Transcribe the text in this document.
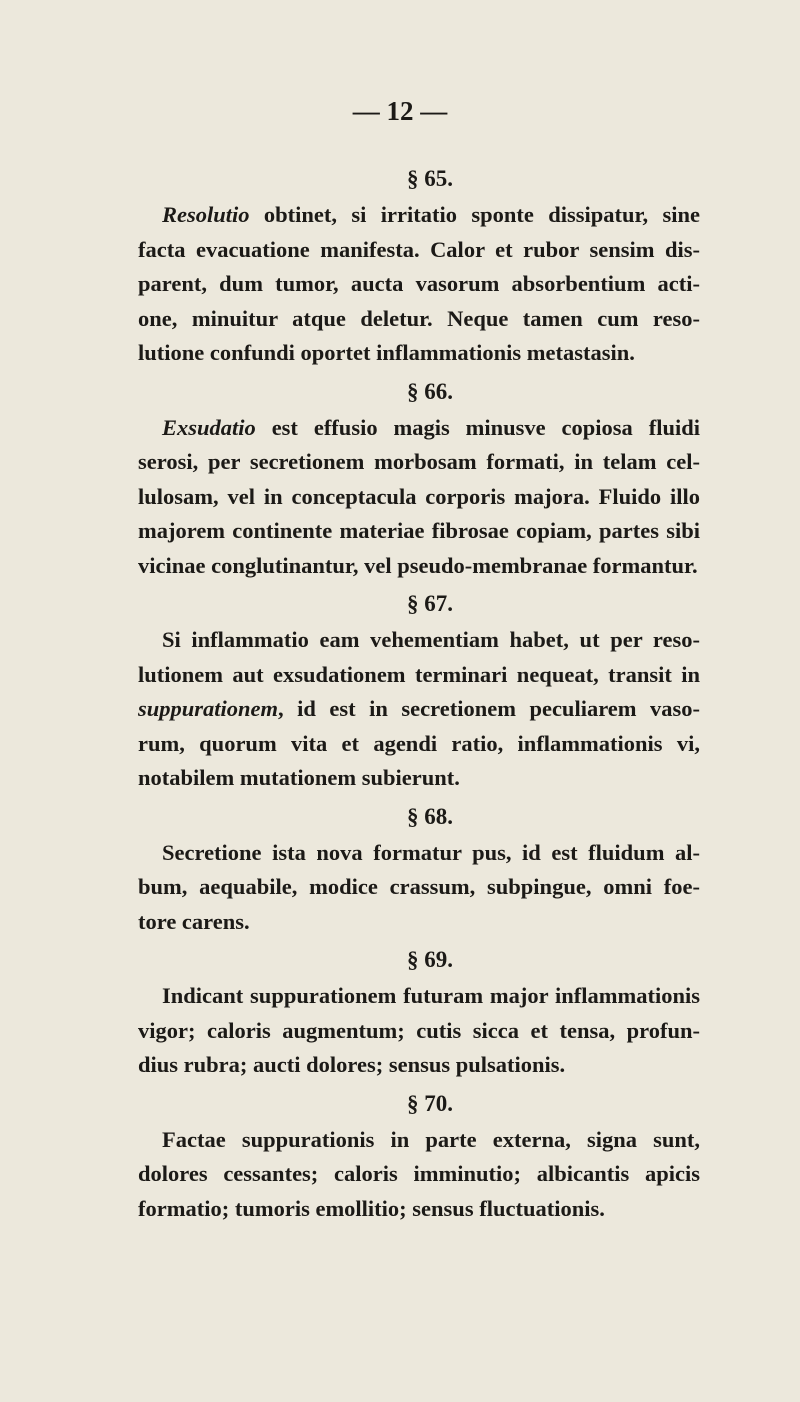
— 12 —
§ 65.
Resolutio obtinet, si irritatio sponte dissipatur, sine
facta evacuatione manifesta. Calor et rubor sensim dis-
parent, dum tumor, aucta vasorum absorbentium acti-
one, minuitur atque deletur. Neque tamen cum reso-
lutione confundi oportet inflammationis metastasin.
§ 66.
Exsudatio est effusio magis minusve copiosa fluidi
serosi, per secretionem morbosam formati, in telam cel-
lulosam, vel in conceptacula corporis majora. Fluido illo
majorem continente materiae fibrosae copiam, partes sibi
vicinae conglutinantur, vel pseudo-membranae formantur.
§ 67.
Si inflammatio eam vehementiam habet, ut per reso-
lutionem aut exsudationem terminari nequeat, transit in
suppurationem, id est in secretionem peculiarem vaso-
rum, quorum vita et agendi ratio, inflammationis vi,
notabilem mutationem subierunt.
§ 68.
Secretione ista nova formatur pus, id est fluidum al-
bum, aequabile, modice crassum, subpingue, omni foe-
tore carens.
§ 69.
Indicant suppurationem futuram major inflammationis
vigor; caloris augmentum; cutis sicca et tensa, profun-
dius rubra; aucti dolores; sensus pulsationis.
§ 70.
Factae suppurationis in parte externa, signa sunt,
dolores cessantes; caloris imminutio; albicantis apicis
formatio; tumoris emollitio; sensus fluctuationis.
